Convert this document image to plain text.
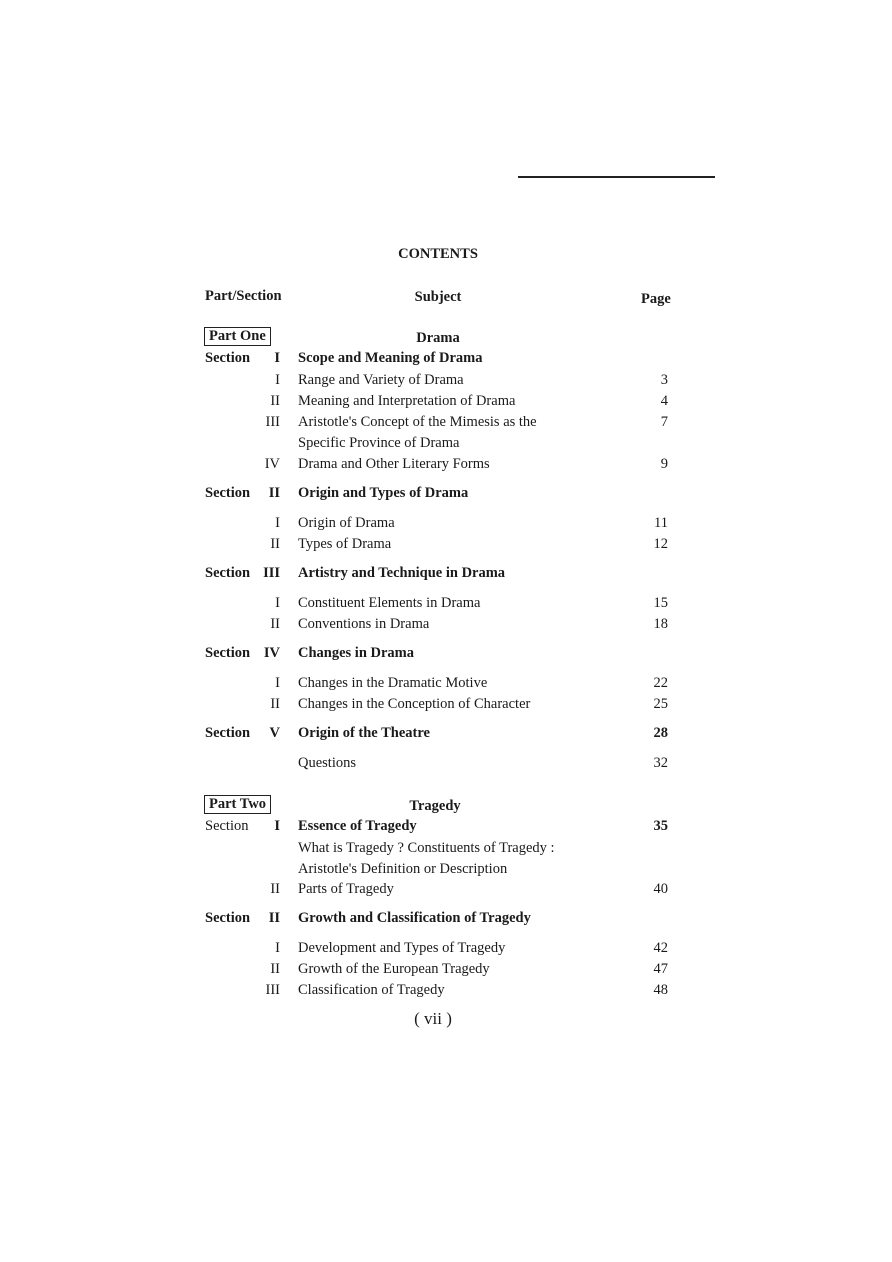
CONTENTS
Part/Section	Subject	Page
Part One	Drama
Section	I Scope and Meaning of Drama
I Range and Variety of Drama	3
II Meaning and Interpretation of Drama	4
III Aristotle's Concept of the Mimesis as the	7
Specific Province of Drama
IV Drama and Other Literary Forms	9
Section	II Origin and Types of Drama
I Origin of Drama	11
II Types of Drama	12
Section III Artistry and Technique in Drama
I Constituent Elements in Drama	15
II Conventions in Drama	18
Section IV Changes in Drama
I Changes in the Dramatic Motive	22
II Changes in the Conception of Character	25
Section	V Origin of the Theatre	28
Questions	32
Part Two	Tragedy
Section	I Essence of Tragedy	35
What is Tragedy ? Constituents of Tragedy :
Aristotle's Definition or Description
II Parts of Tragedy	40
Section	II Growth and Classification of Tragedy
I Development and Types of Tragedy	42
II Growth of the European Tragedy	47
III Classification of Tragedy	48
( vii )
